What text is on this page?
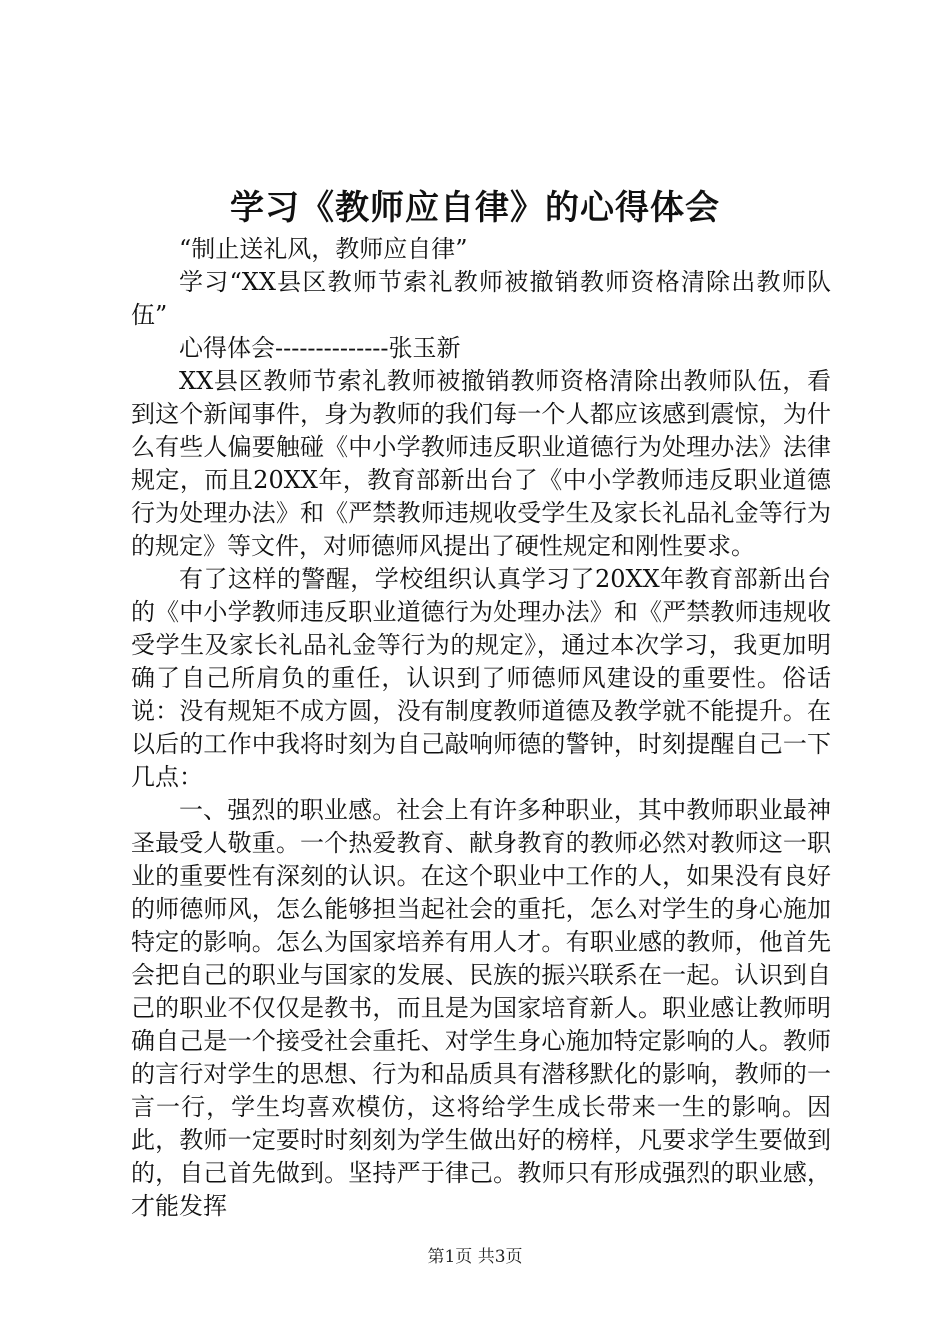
学习《教师应自律》的心得体会

“制止送礼风，教师应自律”

学习“XX县区教师节索礼教师被撤销教师资格清除出教师队伍”

心得体会--------------张玉新

XX县区教师节索礼教师被撤销教师资格清除出教师队伍，看到这个新闻事件，身为教师的我们每一个人都应该感到震惊，为什么有些人偏要触碰《中小学教师违反职业道德行为处理办法》法律规定，而且20XX年，教育部新出台了《中小学教师违反职业道德行为处理办法》和《严禁教师违规收受学生及家长礼品礼金等行为的规定》等文件，对师德师风提出了硬性规定和刚性要求。

有了这样的警醒，学校组织认真学习了20XX年教育部新出台的《中小学教师违反职业道德行为处理办法》和《严禁教师违规收受学生及家长礼品礼金等行为的规定》，通过本次学习，我更加明确了自己所肩负的重任，认识到了师德师风建设的重要性。俗话说：没有规矩不成方圆，没有制度教师道德及教学就不能提升。在以后的工作中我将时刻为自己敲响师德的警钟，时刻提醒自己一下几点：

一、强烈的职业感。社会上有许多种职业，其中教师职业最神圣最受人敬重。一个热爱教育、献身教育的教师必然对教师这一职业的重要性有深刻的认识。在这个职业中工作的人，如果没有良好的师德师风，怎么能够担当起社会的重托，怎么对学生的身心施加特定的影响。怎么为国家培养有用人才。有职业感的教师，他首先会把自己的职业与国家的发展、民族的振兴联系在一起。认识到自己的职业不仅仅是教书，而且是为国家培育新人。职业感让教师明确自己是一个接受社会重托、对学生身心施加特定影响的人。教师的言行对学生的思想、行为和品质具有潜移默化的影响，教师的一言一行，学生均喜欢模仿，这将给学生成长带来一生的影响。因此，教师一定要时时刻刻为学生做出好的榜样，凡要求学生要做到的，自己首先做到。坚持严于律己。教师只有形成强烈的职业感，才能发挥

第1页 共3页
